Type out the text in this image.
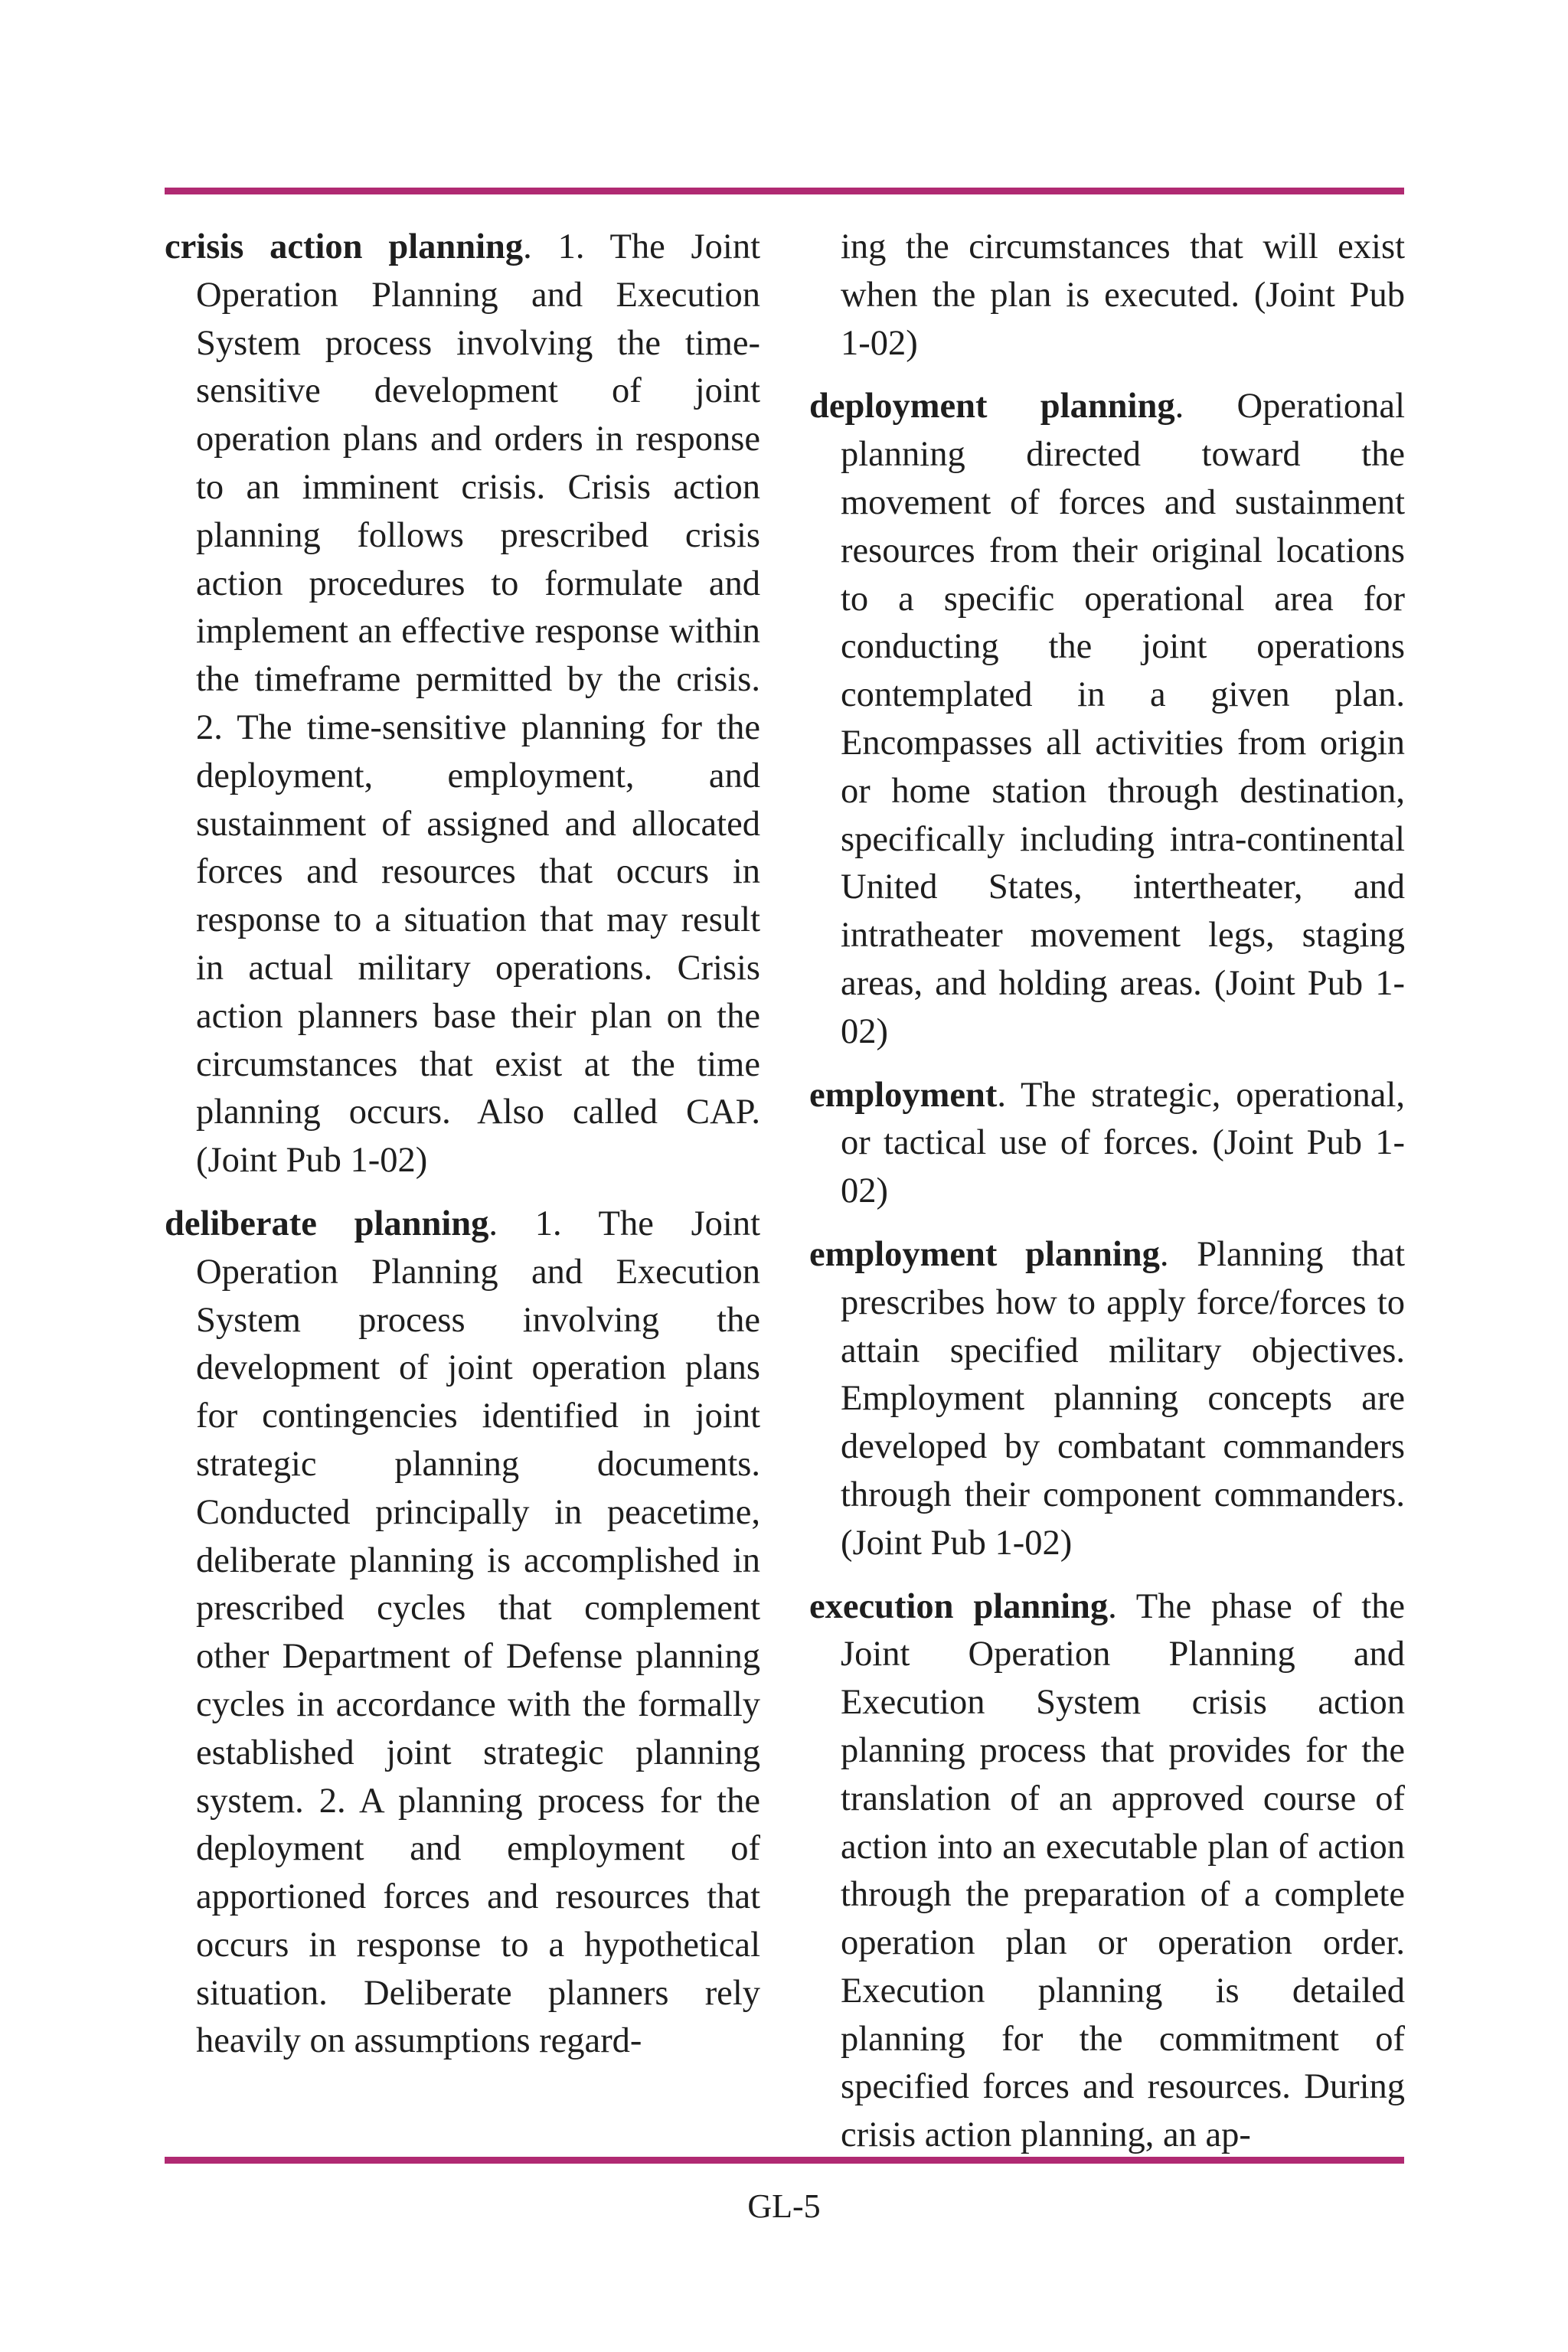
crisis action planning. 1. The Joint Operation Planning and Execution System process involving the time-sensitive development of joint operation plans and orders in response to an imminent crisis. Crisis action planning follows prescribed crisis action procedures to formulate and implement an effective response within the timeframe permitted by the crisis. 2. The time-sensitive planning for the deployment, employment, and sustainment of assigned and allocated forces and resources that occurs in response to a situation that may result in actual military operations. Crisis action planners base their plan on the circumstances that exist at the time planning occurs. Also called CAP. (Joint Pub 1-02)

deliberate planning. 1. The Joint Operation Planning and Execution System process involving the development of joint operation plans for contingencies identified in joint strategic planning documents. Conducted principally in peacetime, deliberate planning is accomplished in prescribed cycles that complement other Department of Defense planning cycles in accordance with the formally established joint strategic planning system. 2. A planning process for the deployment and employment of apportioned forces and resources that occurs in response to a hypothetical situation. Deliberate planners rely heavily on assumptions regard-

ing the circumstances that will exist when the plan is executed. (Joint Pub 1-02)

deployment planning. Operational planning directed toward the movement of forces and sustainment resources from their original locations to a specific operational area for conducting the joint operations contemplated in a given plan. Encompasses all activities from origin or home station through destination, specifically including intra-continental United States, intertheater, and intratheater movement legs, staging areas, and holding areas. (Joint Pub 1-02)

employment. The strategic, operational, or tactical use of forces. (Joint Pub 1-02)

employment planning. Planning that prescribes how to apply force/forces to attain specified military objectives. Employment planning concepts are developed by combatant commanders through their component commanders. (Joint Pub 1-02)

execution planning. The phase of the Joint Operation Planning and Execution System crisis action planning process that provides for the translation of an approved course of action into an executable plan of action through the preparation of a complete operation plan or operation order. Execution planning is detailed planning for the commitment of specified forces and resources. During crisis action planning, an ap-

GL-5
